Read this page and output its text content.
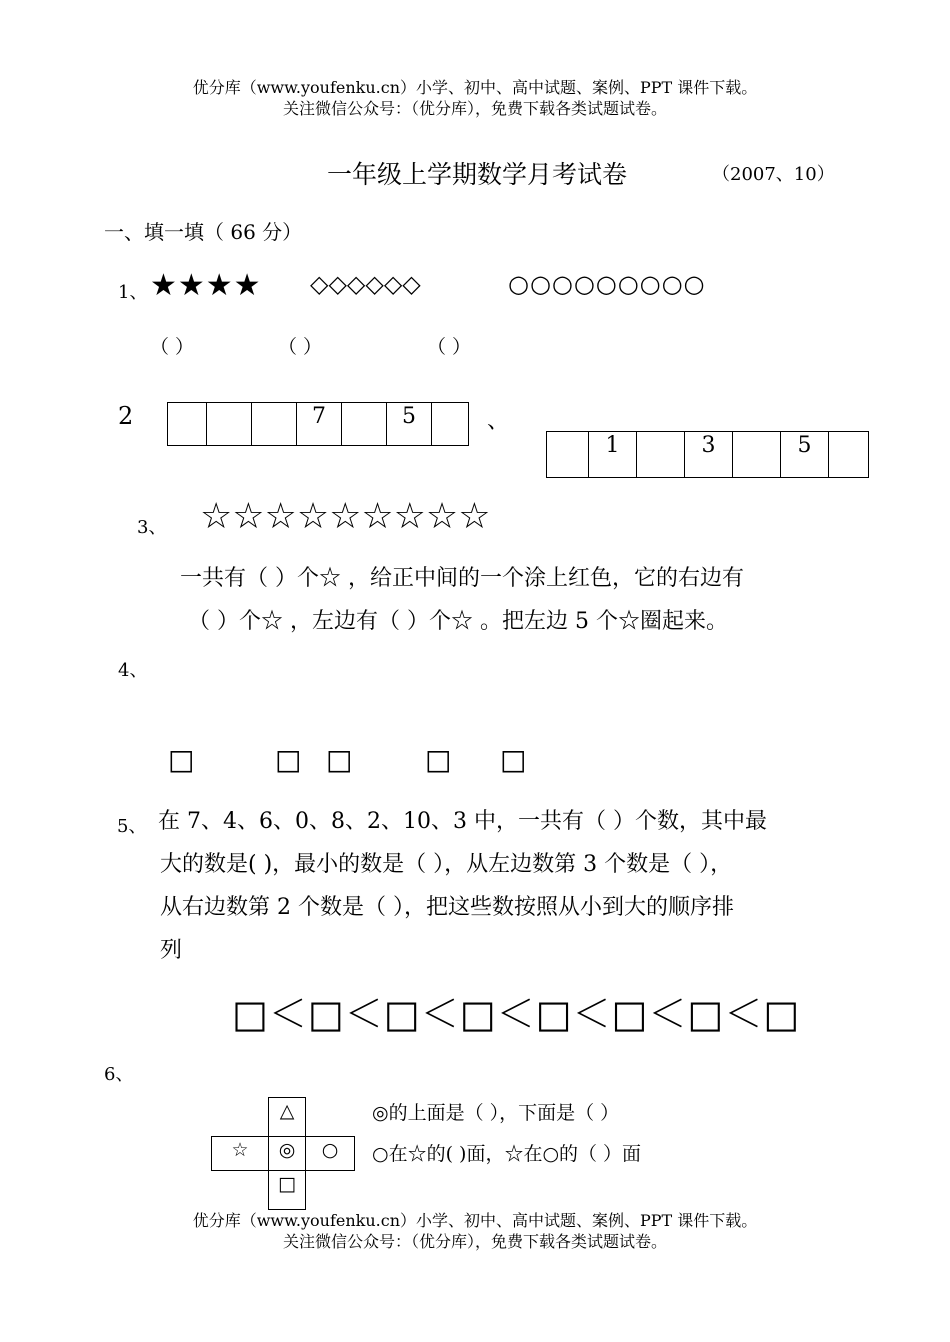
优分库（www.youfenku.cn）小学、初中、高中试题、案例、PPT 课件下载。
关注微信公众号：（优分库），免费下载各类试题试卷。
一年级上学期数学月考试卷	（2007、10）
一、填一填（ 66 分）
1、 ★★★★ ◇◇◇◇◇◇	○○○○○○○○○
（ ）	（ ）	（ ）
2
				7		5		、
	1		3		5	
3、 ☆☆☆☆☆☆☆☆☆
一共有（ ）个☆ ，给正中间的一个涂上红色，它的右边有
（ ）个☆ ，左边有（ ）个☆ 。把左边 5 个☆圈起来。
4、
□	□ □	□ □
5、 在 7、4、6、0、8、2、10、3 中，一共有（ ）个数，其中最
大的数是( )，最小的数是（ ），从左边数第 3 个数是（ ），
从右边数第 2 个数是（ ），把这些数按照从小到大的顺序排
列
□＜□＜□＜□＜□＜□＜□＜□
6、
△
☆	◎	○
□
◎的上面是（ ），下面是（ ）
○在☆的( )面，☆在○的（ ）面
优分库（www.youfenku.cn）小学、初中、高中试题、案例、PPT 课件下载。
关注微信公众号：（优分库），免费下载各类试题试卷。
